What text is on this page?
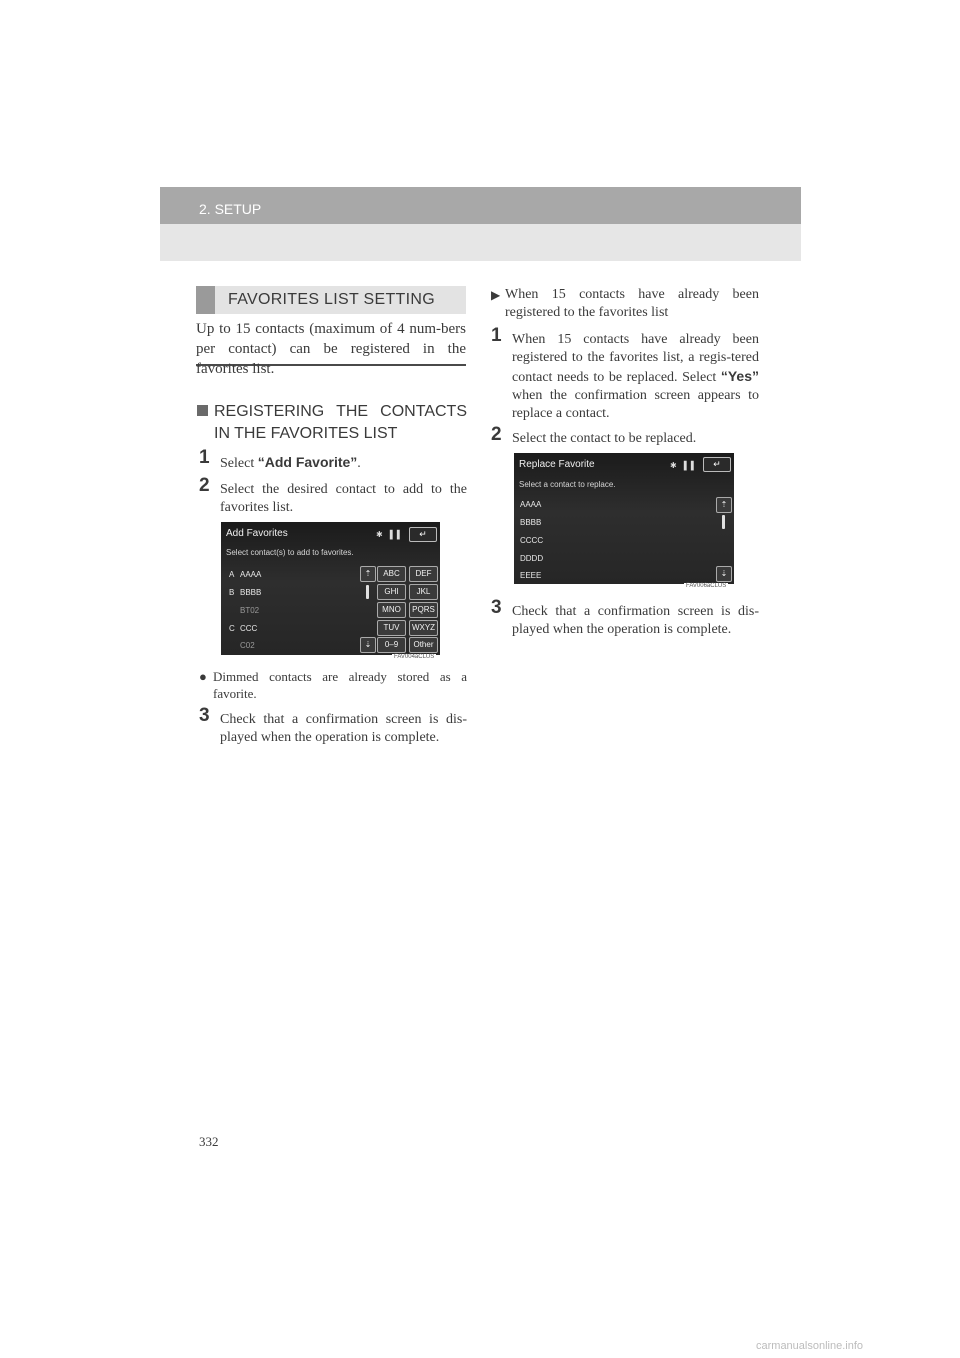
2. SETUP
FAVORITES LIST SETTING
Up to 15 contacts (maximum of 4 num-bers per contact) can be registered in the favorites list.
REGISTERING THE CONTACTS
IN THE FAVORITES LIST
1 Select “Add Favorite”.
2 Select the desired contact to add to the favorites list.
Add Favorites	✱ ▐ ▌	↵
Select contact(s) to add to favorites.
A AAAA
B BBBB
BT02
C CCC
C02
⇡
⇣
ABC	DEF
GHI	JKL
MNO	PQRS
TUV	WXYZ
0–9	Other
FAV004aCLUS
● Dimmed contacts are already stored as a favorite.
3 Check that a confirmation screen is dis-played when the operation is complete.
▶ When 15 contacts have already been registered to the favorites list
1 When 15 contacts have already been registered to the favorites list, a regis-tered contact needs to be replaced. Select “Yes” when the confirmation screen appears to replace a contact.
2 Select the contact to be replaced.
Replace Favorite	✱ ▐ ▌	↵
Select a contact to replace.
AAAA
BBBB
CCCC
DDDD
EEEE
⇡
⇣
FAV006aCLUS
3 Check that a confirmation screen is dis-played when the operation is complete.
332
carmanualsonline.info
